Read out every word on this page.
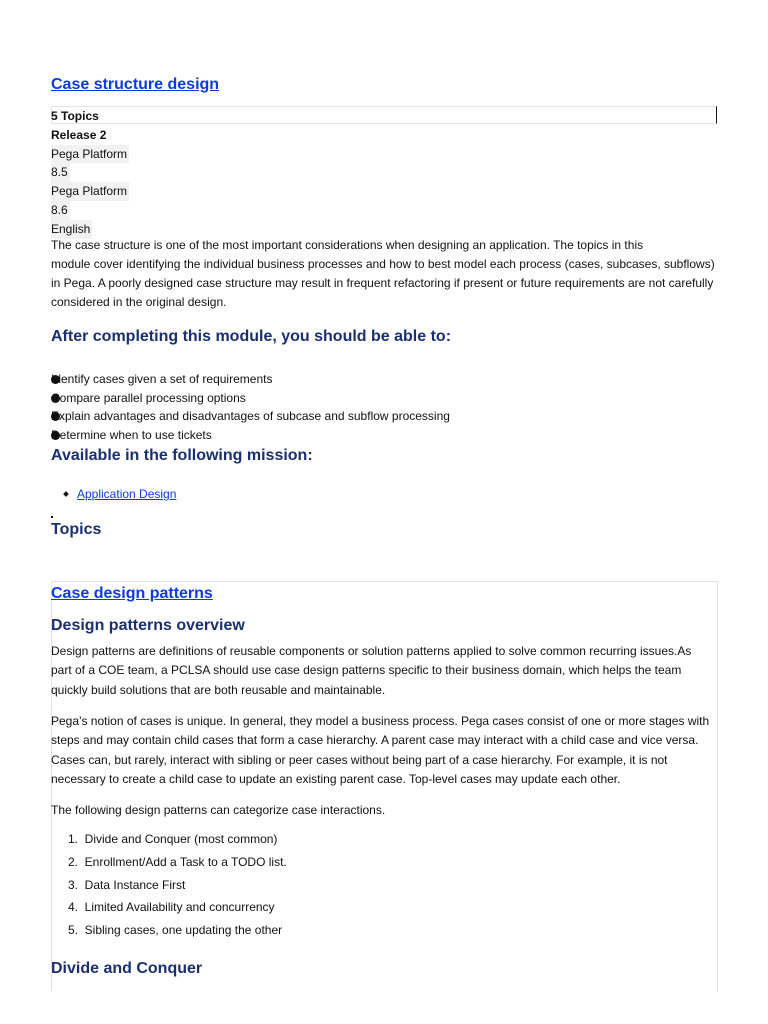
Case structure design
5 Topics
Release 2
Pega Platform
8.5
Pega Platform
8.6
English
The case structure is one of the most important considerations when designing an application. The topics in this
module cover identifying the individual business processes and how to best model each process (cases, subcases, subflows)
in Pega. A poorly designed case structure may result in frequent refactoring if present or future requirements are not carefully
considered in the original design.
After completing this module, you should be able to:
Identify cases given a set of requirements
Compare parallel processing options
Explain advantages and disadvantages of subcase and subflow processing
Determine when to use tickets
Available in the following mission:
Application Design
Topics
Case design patterns
Design patterns overview
Design patterns are definitions of reusable components or solution patterns applied to solve common recurring issues.As
part of a COE team, a PCLSA should use case design patterns specific to their business domain, which helps the team
quickly build solutions that are both reusable and maintainable.
Pega’s notion of cases is unique. In general, they model a business process. Pega cases consist of one or more stages with
steps and may contain child cases that form a case hierarchy. A parent case may interact with a child case and vice versa.
Cases can, but rarely, interact with sibling or peer cases without being part of a case hierarchy. For example, it is not
necessary to create a child case to update an existing parent case. Top-level cases may update each other.
The following design patterns can categorize case interactions.
1.
Divide and Conquer (most common)
2.
Enrollment/Add a Task to a TODO list.
3.
Data Instance First
4.
Limited Availability and concurrency
5.
Sibling cases, one updating the other
Divide and Conquer
